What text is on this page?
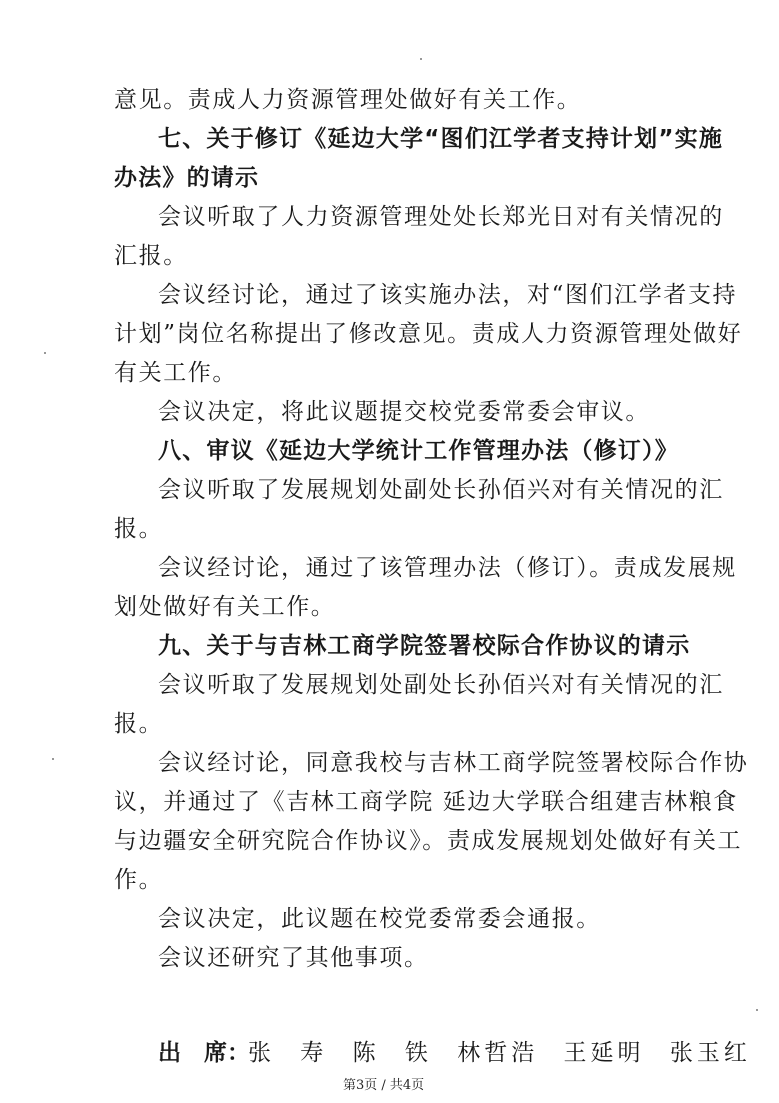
意见。责成人力资源管理处做好有关工作。
七、关于修订《延边大学“图们江学者支持计划”实施
办法》的请示
会议听取了人力资源管理处处长郑光日对有关情况的
汇报。
会议经讨论，通过了该实施办法，对“图们江学者支持
计划”岗位名称提出了修改意见。责成人力资源管理处做好
有关工作。
会议决定，将此议题提交校党委常委会审议。
八、审议《延边大学统计工作管理办法（修订）》
会议听取了发展规划处副处长孙佰兴对有关情况的汇
报。
会议经讨论，通过了该管理办法（修订）。责成发展规
划处做好有关工作。
九、关于与吉林工商学院签署校际合作协议的请示
会议听取了发展规划处副处长孙佰兴对有关情况的汇
报。
会议经讨论，同意我校与吉林工商学院签署校际合作协
议，并通过了《吉林工商学院 延边大学联合组建吉林粮食
与边疆安全研究院合作协议》。责成发展规划处做好有关工
作。
会议决定，此议题在校党委常委会通报。
会议还研究了其他事项。
出　席：
张 寿 陈 铁 林哲浩 王延明 张玉红
第3页 / 共4页
